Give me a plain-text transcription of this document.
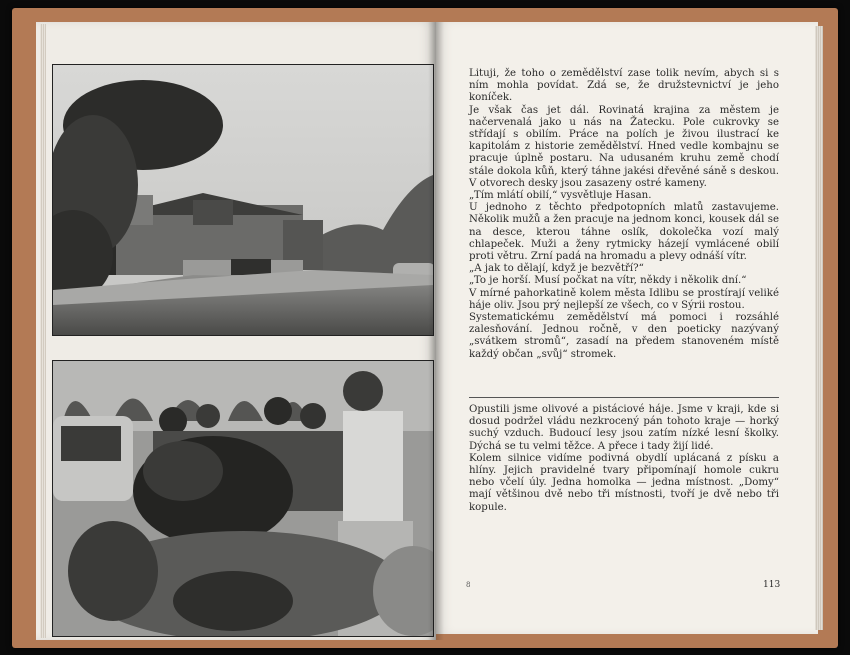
Lituji, že toho o zemědělství zase tolik nevím, abych si s ním mohla povídat. Zdá se, že družstevnictví je jeho koníček.

Je však čas jet dál. Rovinatá krajina za městem je načervenalá jako u nás na Žatecku. Pole cukrovky se střídají s obilím. Práce na polích je živou ilustrací ke kapitolám z historie zemědělství. Hned vedle kombajnu se pracuje úplně postaru. Na udusaném kruhu země chodí stále dokola kůň, který táhne jakési dřevěné sáně s deskou. V otvorech desky jsou zasazeny ostré kameny.

„Tím mlátí obilí,“ vysvětluje Hasan.

U jednoho z těchto předpotopních mlatů zastavujeme. Několik mužů a žen pracuje na jednom konci, kousek dál se na desce, kterou táhne oslík, dokolečka vozí malý chlapeček. Muži a ženy rytmicky házejí vymlácené obilí proti větru. Zrní padá na hromadu a plevy odnáší vítr.

„A jak to dělají, když je bezvětří?“

„To je horší. Musí počkat na vítr, někdy i několik dní.“

V mírné pahorkatině kolem města Idlibu se prostírají veliké háje oliv. Jsou prý nejlepší ze všech, co v Sýrii rostou.

Systematickému zemědělství má pomoci i rozsáhlé zalesňování. Jednou ročně, v den poeticky nazývaný „svátkem stromů“, zasadí na předem stanoveném místě každý občan „svůj“ stromek.

Opustili jsme olivové a pistáciové háje. Jsme v kraji, kde si dosud podržel vládu nezkrocený pán tohoto kraje — horký suchý vzduch. Budoucí lesy jsou zatím nízké lesní školky. Dýchá se tu velmi těžce. A přece i tady žijí lidé.

Kolem silnice vidíme podivná obydlí uplácaná z písku a hlíny. Jejich pravidelné tvary připomínají homole cukru nebo včelí úly. Jedna homolka — jedna místnost. „Domy“ mají většinou dvě nebo tři místnosti, tvoří je dvě nebo tři kopule.

8	113
